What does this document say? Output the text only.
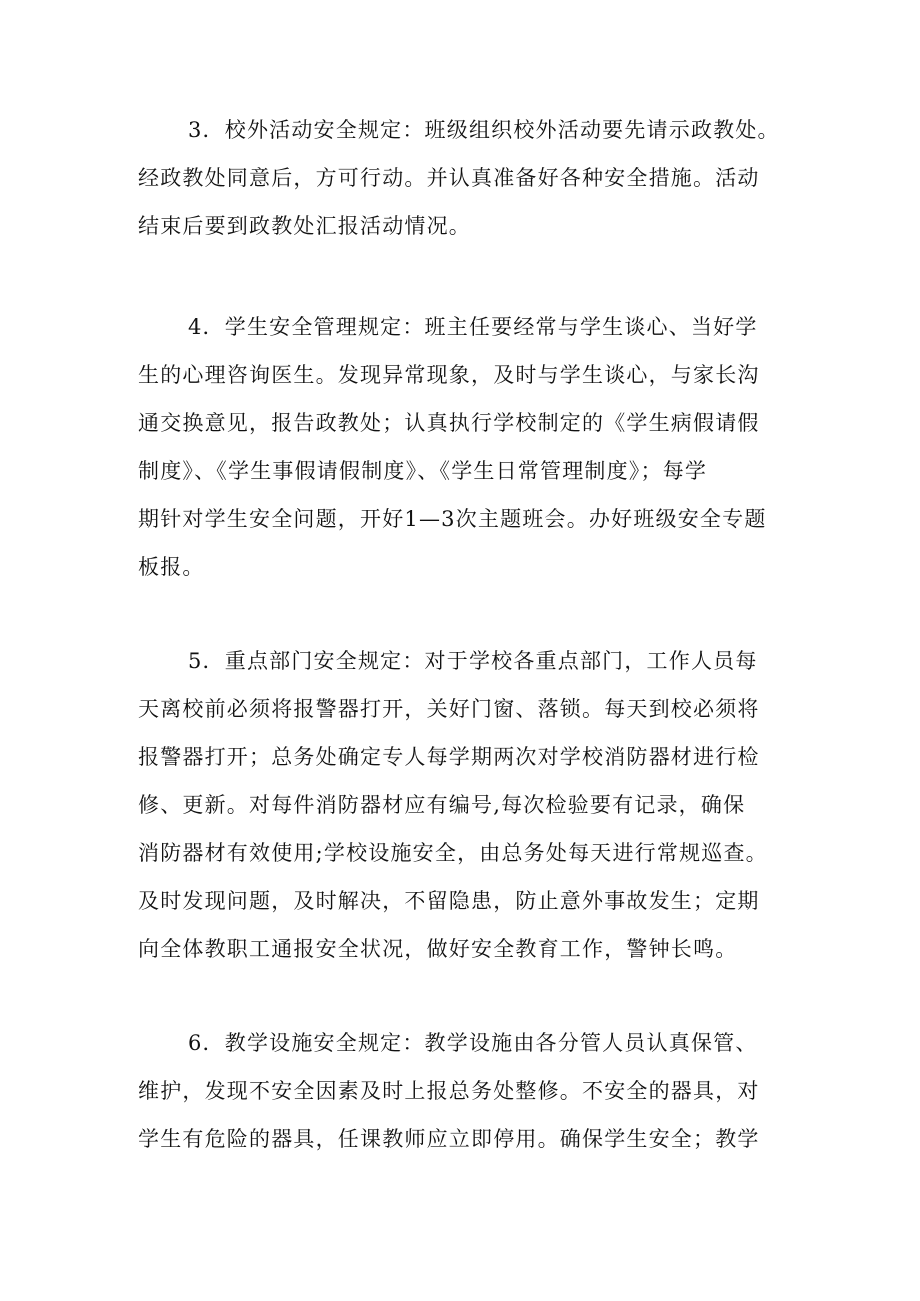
3．校外活动安全规定：班级组织校外活动要先请示政教处。
经政教处同意后，方可行动。并认真准备好各种安全措施。活动
结束后要到政教处汇报活动情况。
4．学生安全管理规定：班主任要经常与学生谈心、当好学
生的心理咨询医生。发现异常现象，及时与学生谈心，与家长沟
通交换意见，报告政教处；认真执行学校制定的《学生病假请假
制度》、《学生事假请假制度》、《学生日常管理制度》；每学
期针对学生安全问题，开好1—3次主题班会。办好班级安全专题
板报。
5．重点部门安全规定：对于学校各重点部门，工作人员每
天离校前必须将报警器打开，关好门窗、落锁。每天到校必须将
报警器打开；总务处确定专人每学期两次对学校消防器材进行检
修、更新。对每件消防器材应有编号,每次检验要有记录，确保
消防器材有效使用;学校设施安全，由总务处每天进行常规巡查。
及时发现问题，及时解决，不留隐患，防止意外事故发生；定期
向全体教职工通报安全状况，做好安全教育工作，警钟长鸣。
6．教学设施安全规定：教学设施由各分管人员认真保管、
维护，发现不安全因素及时上报总务处整修。不安全的器具，对
学生有危险的器具，任课教师应立即停用。确保学生安全；教学
